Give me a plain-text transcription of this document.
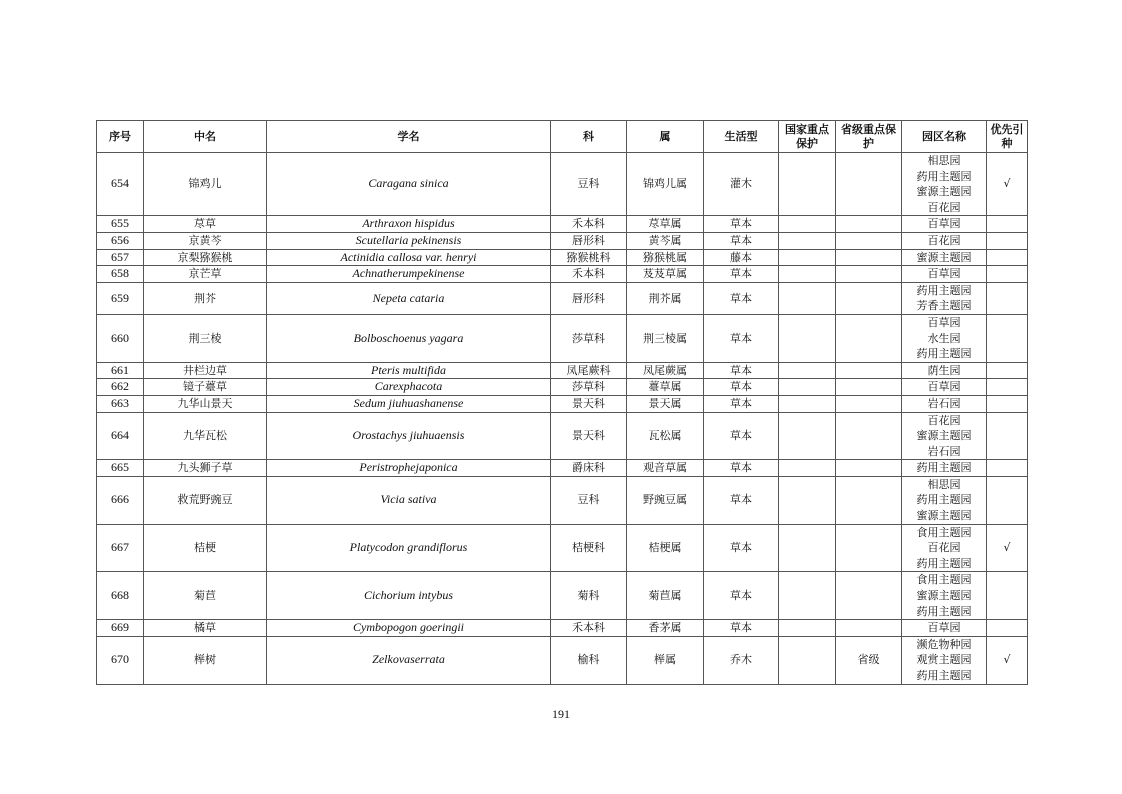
序号	中名	学名	科	属	生活型	国家重点保护	省级重点保护	园区名称	优先引种
654	锦鸡儿	Caragana sinica	豆科	锦鸡儿属	灌木			相思园
药用主题园
蜜源主题园
百花园	√
655	荩草	Arthraxon hispidus	禾本科	荩草属	草本			百草园	

656	京黄芩	Scutellaria pekinensis	唇形科	黄芩属	草本			百花园	

657	京梨猕猴桃	Actinidia callosa var. henryi	猕猴桃科	猕猴桃属	藤本			蜜源主题园	

658	京芒草	Achnatherumpekinense	禾本科	芨芨草属	草本			百草园	

659	荆芥	Nepeta cataria	唇形科	荆芥属	草本			药用主题园
芳香主题园	

660	荆三棱	Bolboschoenus yagara	莎草科	荆三棱属	草本			百草园
水生园
药用主题园	

661	井栏边草	Pteris multifida	凤尾蕨科	凤尾蕨属	草本			荫生园	

662	镜子薹草	Carexphacota	莎草科	薹草属	草本			百草园	

663	九华山景天	Sedum jiuhuashanense	景天科	景天属	草本			岩石园	

664	九华瓦松	Orostachys jiuhuaensis	景天科	瓦松属	草本			百花园
蜜源主题园
岩石园	

665	九头狮子草	Peristrophejaponica	爵床科	观音草属	草本			药用主题园	

666	救荒野豌豆	Vicia sativa	豆科	野豌豆属	草本			相思园
药用主题园
蜜源主题园	

667	桔梗	Platycodon grandiflorus	桔梗科	桔梗属	草本			食用主题园
百花园
药用主题园	√
668	菊苣	Cichorium intybus	菊科	菊苣属	草本			食用主题园
蜜源主题园
药用主题园	

669	橘草	Cymbopogon goeringii	禾本科	香茅属	草本			百草园	

670	榉树	Zelkovaserrata	榆科	榉属	乔木		省级	濒危物种园
观赏主题园
药用主题园	√
191
